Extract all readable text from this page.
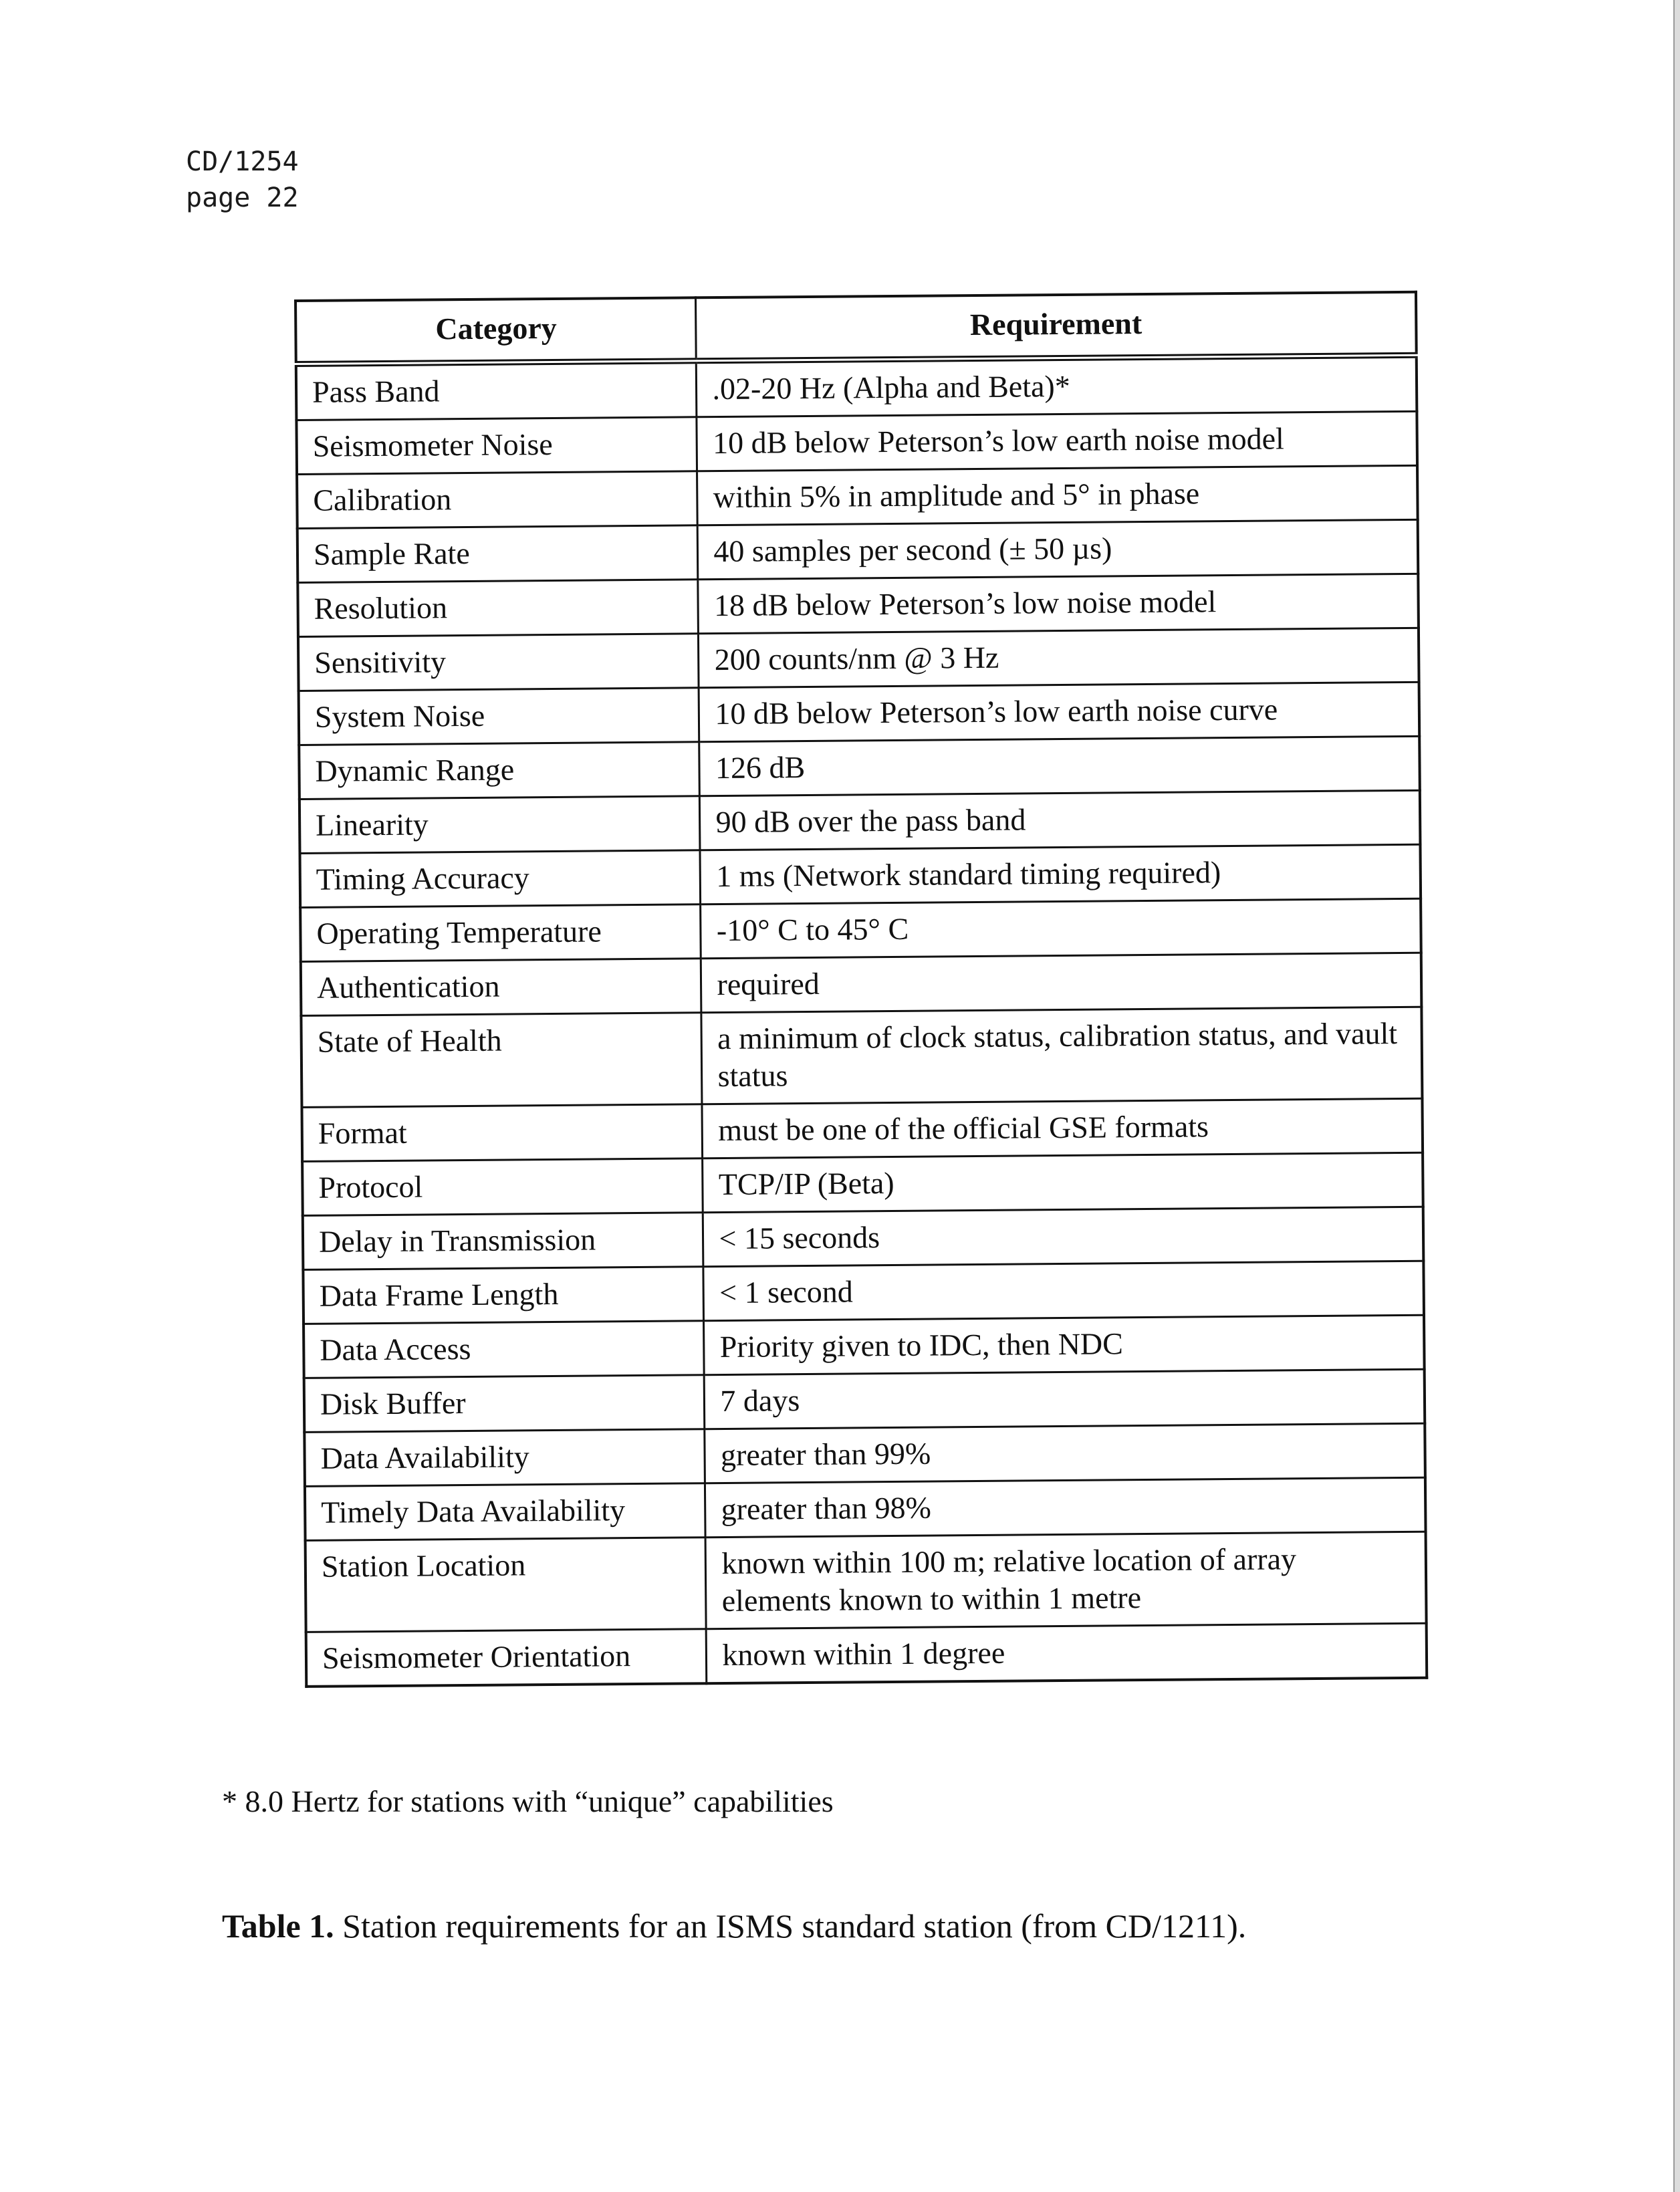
CD/1254
page 22
Category	Requirement
Pass Band	.02-20 Hz (Alpha and Beta)*
Seismometer Noise	10 dB below Peterson’s low earth noise model
Calibration	within 5% in amplitude and 5° in phase
Sample Rate	40 samples per second (± 50 µs)
Resolution	18 dB below Peterson’s low noise model
Sensitivity	200 counts/nm @ 3 Hz
System Noise	10 dB below Peterson’s low earth noise curve
Dynamic Range	126 dB
Linearity	90 dB over the pass band
Timing Accuracy	1 ms (Network standard timing required)
Operating Temperature	-10° C to 45° C
Authentication	required
State of Health	a minimum of clock status, calibration status, and vault status
Format	must be one of the official GSE formats
Protocol	TCP/IP (Beta)
Delay in Transmission	< 15 seconds
Data Frame Length	< 1 second
Data Access	Priority given to IDC, then NDC
Disk Buffer	7 days
Data Availability	greater than 99%
Timely Data Availability	greater than 98%
Station Location	known within 100 m; relative location of array elements known to within 1 metre
Seismometer Orientation	known within 1 degree
* 8.0 Hertz for stations with “unique” capabilities
Table 1. Station requirements for an ISMS standard station (from CD/1211).
